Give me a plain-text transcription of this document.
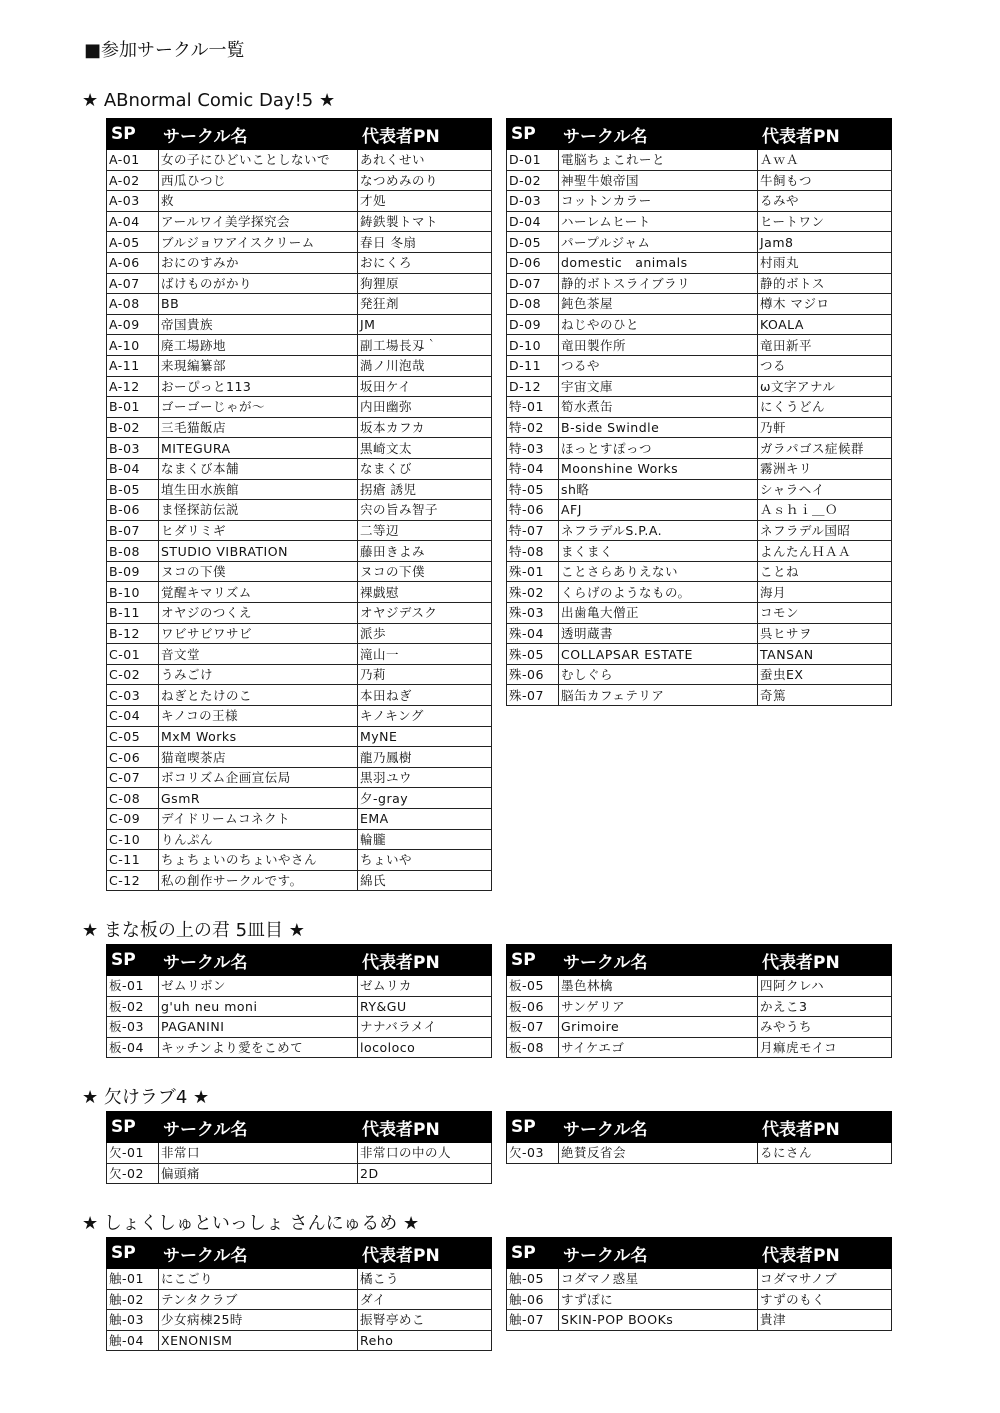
■参加サークル一覧
★ ABnormal Comic Day!5 ★
SP	サークル名	代表者PN
A-01	女の子にひどいことしないで	あれくせい
A-02	西瓜ひつじ	なつめみのり
A-03	救	才処
A-04	アールワイ美学探究会	鋳鉄製トマト
A-05	ブルジョワアイスクリーム	春日 冬扇
A-06	おにのすみか	おにくろ
A-07	ばけものがかり	狗狸原
A-08	BB	発狂剤
A-09	帝国貴族	JM
A-10	廃工場跡地	副工場長刄｀
A-11	来現編纂部	渦ノ川泡哉
A-12	おーぴっと113	坂田ケイ
B-01	ゴーゴーじゃが～	内田幽弥
B-02	三毛猫飯店	坂本カフカ
B-03	MITEGURA	黒崎文太
B-04	なまくび本舗	なまくび
B-05	埴生田水族館	拐瘡 誘児
B-06	ま怪探訪伝説	宍の旨み智子
B-07	ヒダリミギ	二等辺
B-08	STUDIO VIBRATION	藤田きよみ
B-09	ヌコの下僕	ヌコの下僕
B-10	覚醒キマリズム	裸戯慰
B-11	オヤジのつくえ	オヤジデスク
B-12	ワビサビワサビ	派歩
C-01	音文堂	滝山一
C-02	うみごけ	乃莉
C-03	ねぎとたけのこ	本田ねぎ
C-04	キノコの王様	キノキング
C-05	MxM Works	MyNE
C-06	猫竜喫茶店	龍乃鳳樹
C-07	ボコリズム企画宣伝局	黒羽ユウ
C-08	GsmR	夕-gray
C-09	デイドリームコネクト	EMA
C-10	りんぷん	輪朧
C-11	ちょちょいのちょいやさん	ちょいや
C-12	私の創作サークルです。	綿氏
SP	サークル名	代表者PN
D-01	電脳ちょこれーと	ＡｗＡ
D-02	神聖牛娘帝国	牛飼もつ
D-03	コットンカラー	るみや
D-04	ハーレムヒート	ヒートワン
D-05	パープルジャム	Jam8
D-06	domestic　animals	村雨丸
D-07	静的ボトスライブラリ	静的ボトス
D-08	鈍色茶屋	樽木 マジロ
D-09	ねじやのひと	KOALA
D-10	竜田製作所	竜田新平
D-11	つるや	つる
D-12	宇宙文庫	ω文字アナル
特-01	筍水煮缶	にくうどん
特-02	B-side Swindle	乃軒
特-03	ほっとすぽっつ	ガラパゴス症候群
特-04	Moonshine Works	霧洲キリ
特-05	sh略	シャラヘイ
特-06	AFJ	Ａｓｈｉ＿Ｏ
特-07	ネフラデルS.P.A.	ネフラデル国昭
特-08	まくまく	よんたんＨＡＡ
殊-01	ことさらありえない	ことね
殊-02	くらげのようなもの。	海月
殊-03	出歯亀大僧正	コモン
殊-04	透明蔵書	呉ヒサヲ
殊-05	COLLAPSAR ESTATE	TANSAN
殊-06	むしぐら	蚕虫EX
殊-07	脳缶カフェテリア	奇篤
★ まな板の上の君 5皿目 ★
SP	サークル名	代表者PN
板-01	ゼムリボン	ゼムリカ
板-02	g'uh neu moni	RY&GU
板-03	PAGANINI	ナナバラメイ
板-04	キッチンより愛をこめて	locoloco
SP	サークル名	代表者PN
板-05	墨色林檎	四阿クレハ
板-06	サンゲリア	かえこ3
板-07	Grimoire	みやうち
板-08	サイケエゴ	月痲虎モイコ
★ 欠けラブ4 ★
SP	サークル名	代表者PN
欠-01	非常口	非常口の中の人
欠-02	偏頭痛	2D
SP	サークル名	代表者PN
欠-03	絶賛反省会	るにさん
★ しょくしゅといっしょ さんにゅるめ ★
SP	サークル名	代表者PN
触-01	にこごり	橘こう
触-02	テンタクラブ	ダイ
触-03	少女病棟25時	振腎亭めこ
触-04	XENONISM	Reho
SP	サークル名	代表者PN
触-05	コダマノ惑星	コダマサノブ
触-06	すずぽに	すずのもく
触-07	SKIN-POP BOOKs	貴津
